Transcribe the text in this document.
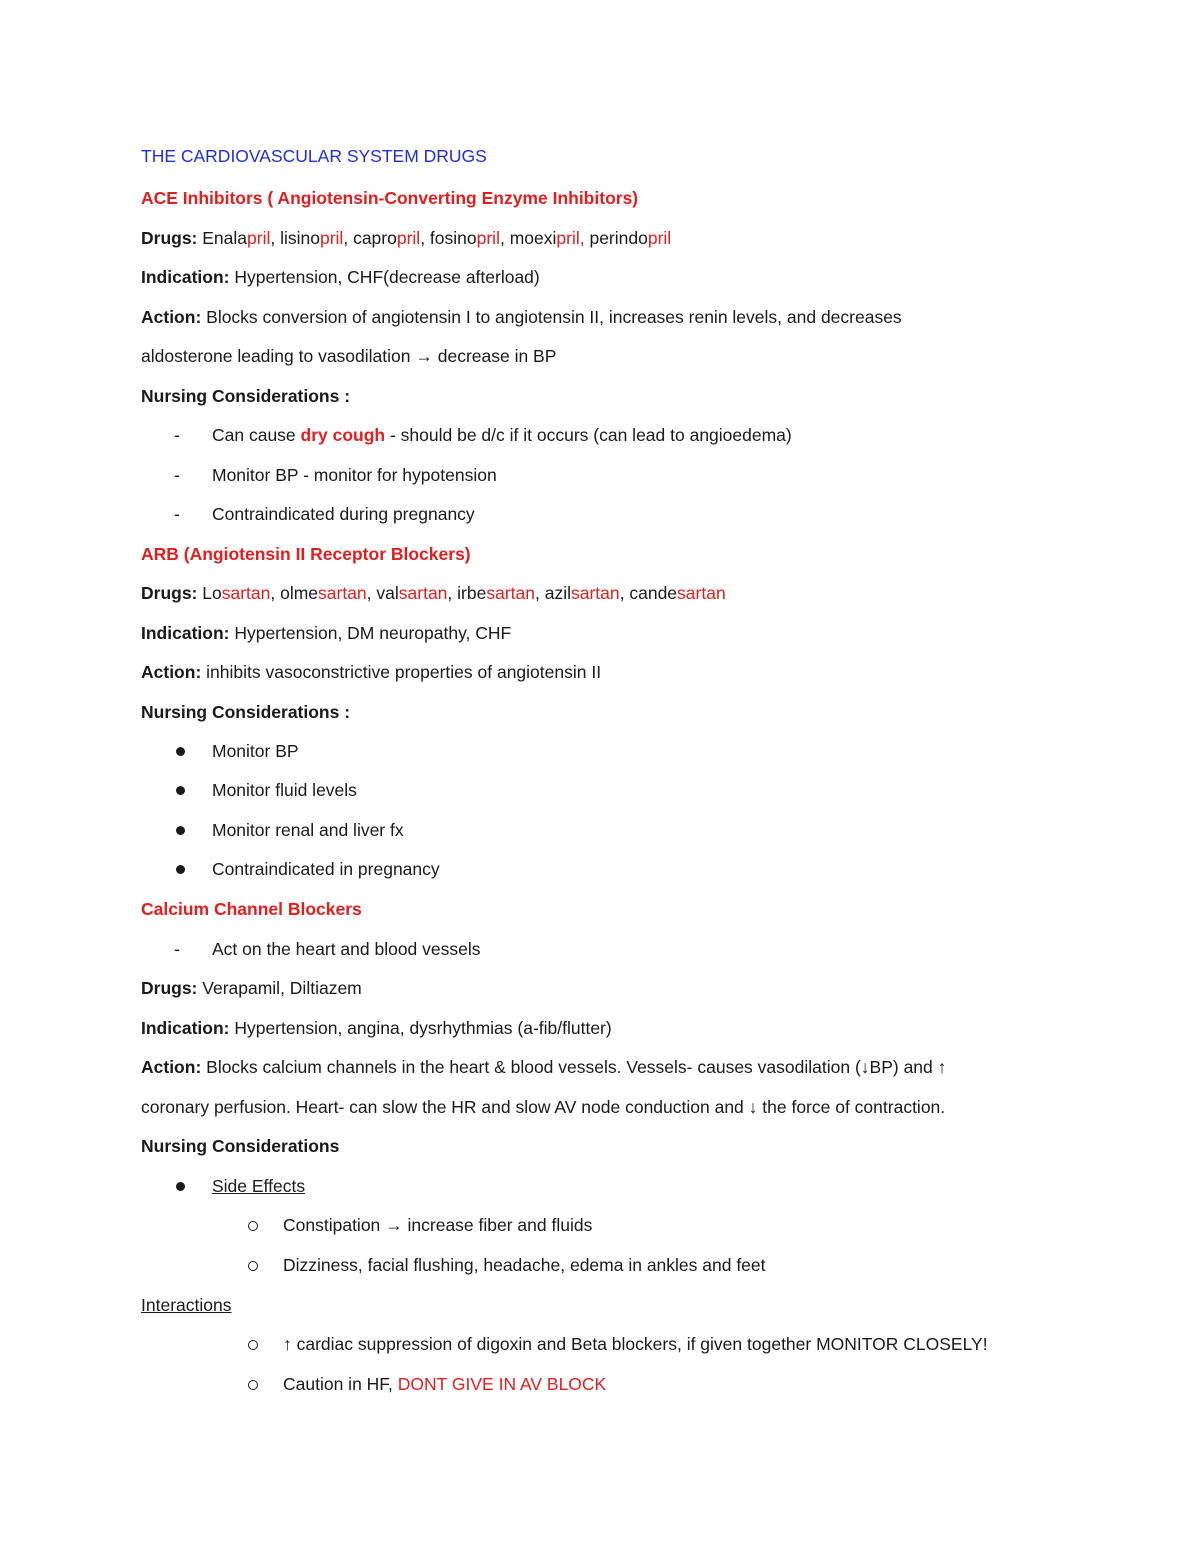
THE CARDIOVASCULAR SYSTEM DRUGS
ACE Inhibitors ( Angiotensin-Converting Enzyme Inhibitors)
Drugs: Enalapril, lisinopril, capropril, fosinopril, moexipril, perindopril
Indication: Hypertension, CHF(decrease afterload)
Action: Blocks conversion of angiotensin I to angiotensin II, increases renin levels, and decreases
aldosterone leading to vasodilation → decrease in BP
Nursing Considerations :
- Can cause dry cough - should be d/c if it occurs (can lead to angioedema)
- Monitor BP - monitor for hypotension
- Contraindicated during pregnancy
ARB (Angiotensin II Receptor Blockers)
Drugs: Losartan, olmesartan, valsartan, irbesartan, azilsartan, candesartan
Indication: Hypertension, DM neuropathy, CHF
Action: inhibits vasoconstrictive properties of angiotensin II
Nursing Considerations :
Monitor BP
Monitor fluid levels
Monitor renal and liver fx
Contraindicated in pregnancy
Calcium Channel Blockers
- Act on the heart and blood vessels
Drugs: Verapamil, Diltiazem
Indication: Hypertension, angina, dysrhythmias (a-fib/flutter)
Action: Blocks calcium channels in the heart & blood vessels. Vessels- causes vasodilation (↓BP) and ↑
coronary perfusion. Heart- can slow the HR and slow AV node conduction and ↓ the force of contraction.
Nursing Considerations
Side Effects
Constipation → increase fiber and fluids
Dizziness, facial flushing, headache, edema in ankles and feet
Interactions
↑ cardiac suppression of digoxin and Beta blockers, if given together MONITOR CLOSELY!
Caution in HF, DONT GIVE IN AV BLOCK
